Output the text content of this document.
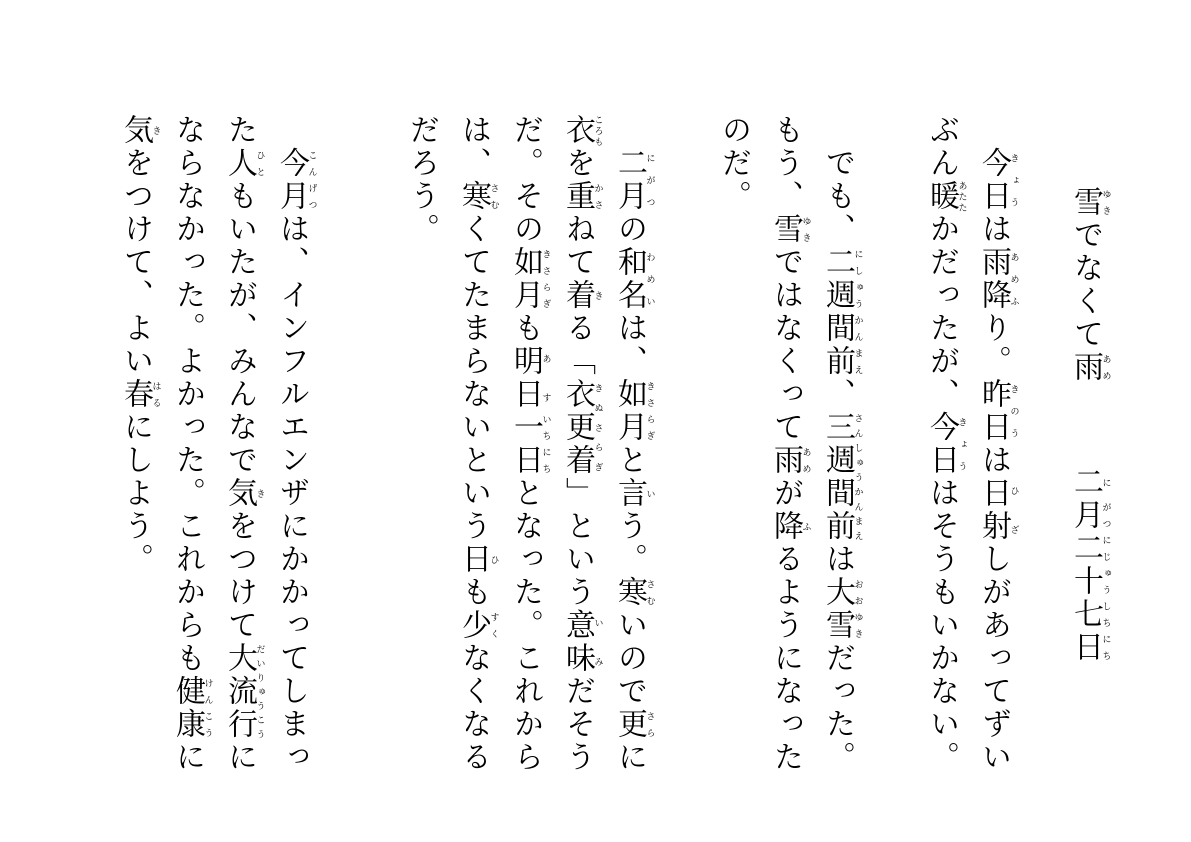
雪ゆきでなくて雨あめ
二に月がつ二十七日にじゅうしちにち
　今日きょうは雨降あめふり。昨日きのうは日射ひざしがあってずい
ぶん暖あたたかだったが、今日きょうはそうもいかない。
　でも、二週間前にしゅうかんまえ、三週間前さんしゅうかんまえは大雪おおゆきだった。
もう、雪ゆきではなくって雨あめが降ふるようになった
のだ。
　二月にがつの和名わめいは、如月きさらぎと言いう。寒さむいので更さらに
衣ころもを重かさねて着きる「衣更着きぬさらぎ」という意味いみだそう
だ。その如月きさらぎも明日あす一日いちにちとなった。これから
は、寒さむくてたまらないという日ひも少すくなくなる
だろう。
　今月こんげつは、インフルエンザにかかってしまっ
た人ひともいたが、みんなで気きをつけて大流行だいりゅうこうに
ならなかった。よかった。これからも健康けんこうに
気きをつけて、よい春はるにしよう。
